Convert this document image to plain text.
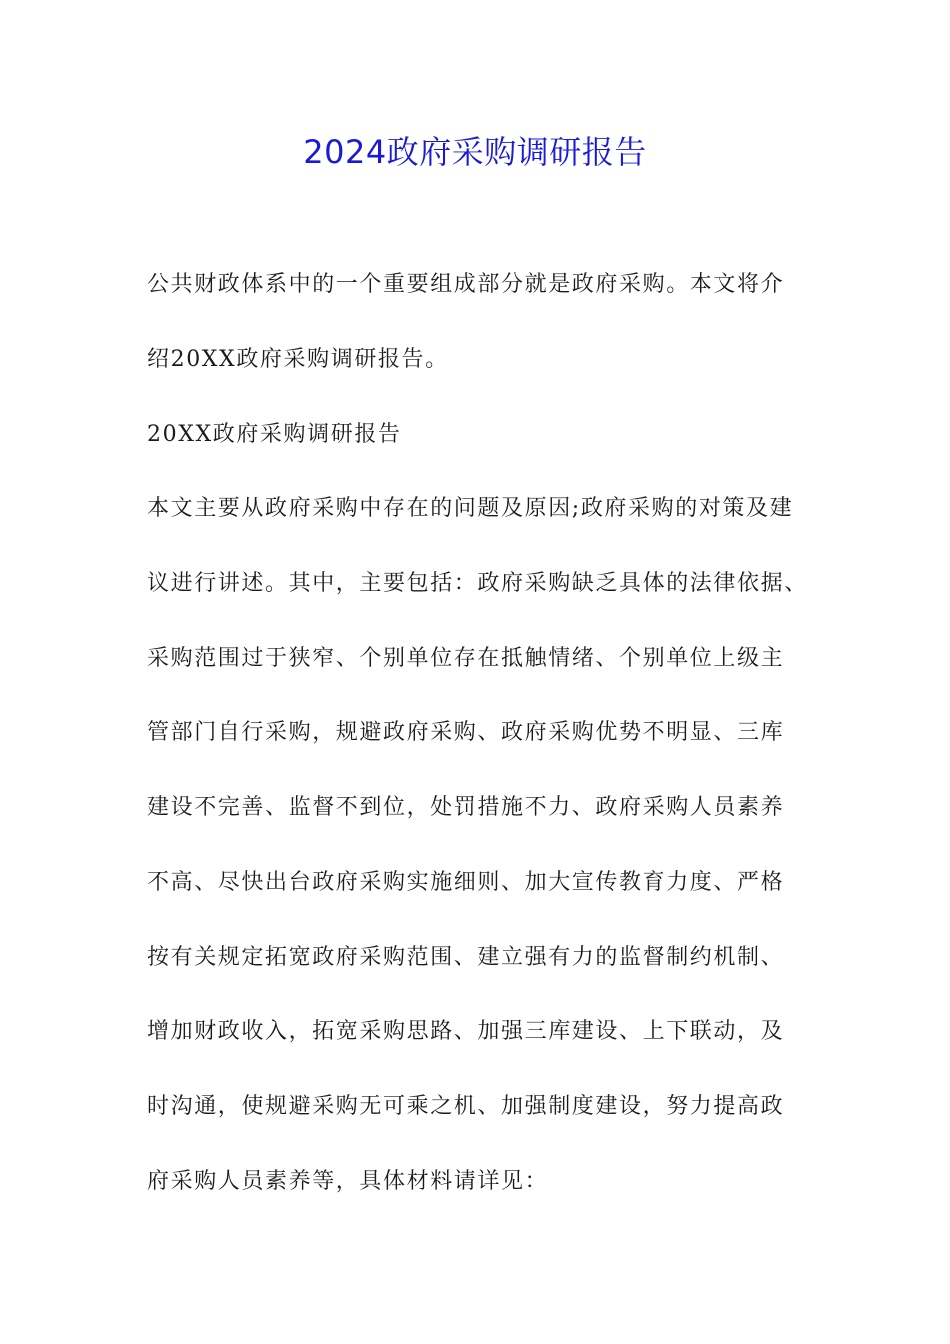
2024政府采购调研报告
公共财政体系中的一个重要组成部分就是政府采购。本文将介
绍20XX政府采购调研报告。
20XX政府采购调研报告
本文主要从政府采购中存在的问题及原因;政府采购的对策及建
议进行讲述。其中，主要包括：政府采购缺乏具体的法律依据、
采购范围过于狭窄、个别单位存在抵触情绪、个别单位上级主
管部门自行采购，规避政府采购、政府采购优势不明显、三库
建设不完善、监督不到位，处罚措施不力、政府采购人员素养
不高、尽快出台政府采购实施细则、加大宣传教育力度、严格
按有关规定拓宽政府采购范围、建立强有力的监督制约机制、
增加财政收入，拓宽采购思路、加强三库建设、上下联动，及
时沟通，使规避采购无可乘之机、加强制度建设，努力提高政
府采购人员素养等，具体材料请详见：
